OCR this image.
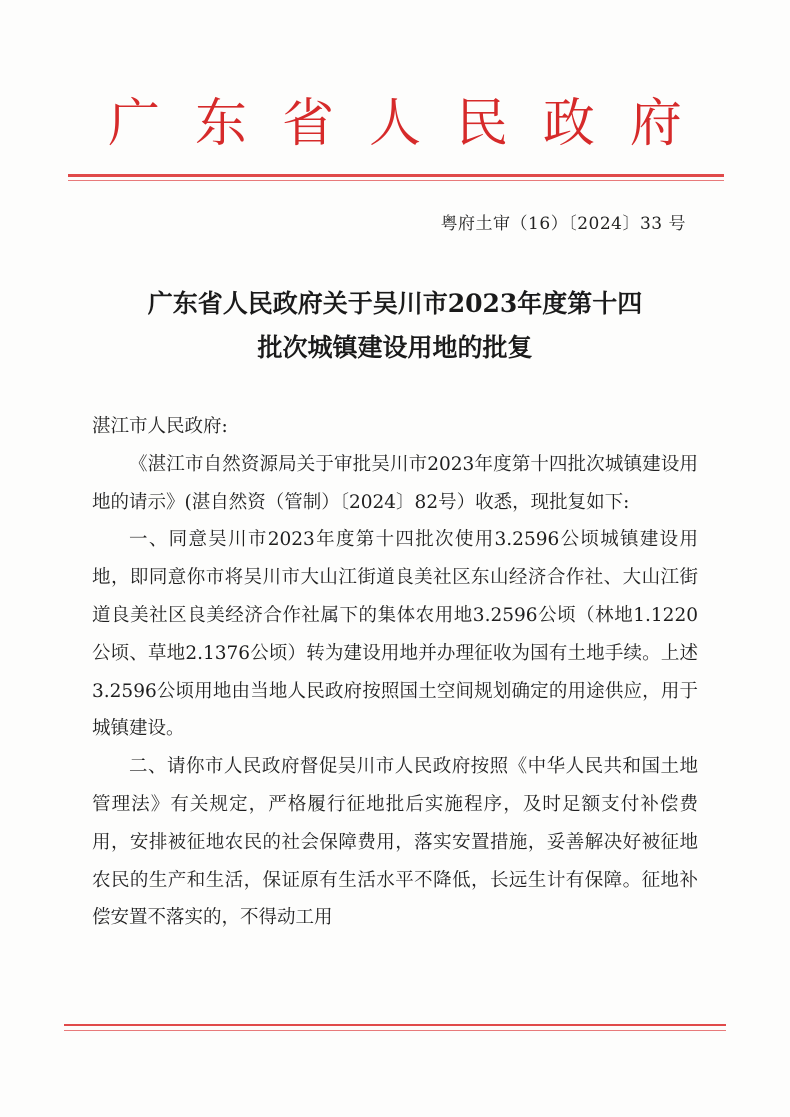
广 东 省 人 民 政 府
粤府土审（16）〔2024〕33 号
广东省人民政府关于吴川市2023年度第十四
批次城镇建设用地的批复

湛江市人民政府:

《湛江市自然资源局关于审批吴川市2023年度第十四批次城镇建设用地的请示》(湛自然资（管制）〔2024〕82号）收悉，现批复如下:

一、同意吴川市2023年度第十四批次使用3.2596公顷城镇建设用地，即同意你市将吴川市大山江街道良美社区东山经济合作社、大山江街道良美社区良美经济合作社属下的集体农用地3.2596公顷（林地1.1220公顷、草地2.1376公顷）转为建设用地并办理征收为国有土地手续。上述3.2596公顷用地由当地人民政府按照国土空间规划确定的用途供应，用于城镇建设。

二、请你市人民政府督促吴川市人民政府按照《中华人民共和国土地管理法》有关规定，严格履行征地批后实施程序，及时足额支付补偿费用，安排被征地农民的社会保障费用，落实安置措施，妥善解决好被征地农民的生产和生活，保证原有生活水平不降低，长远生计有保障。征地补偿安置不落实的，不得动工用
